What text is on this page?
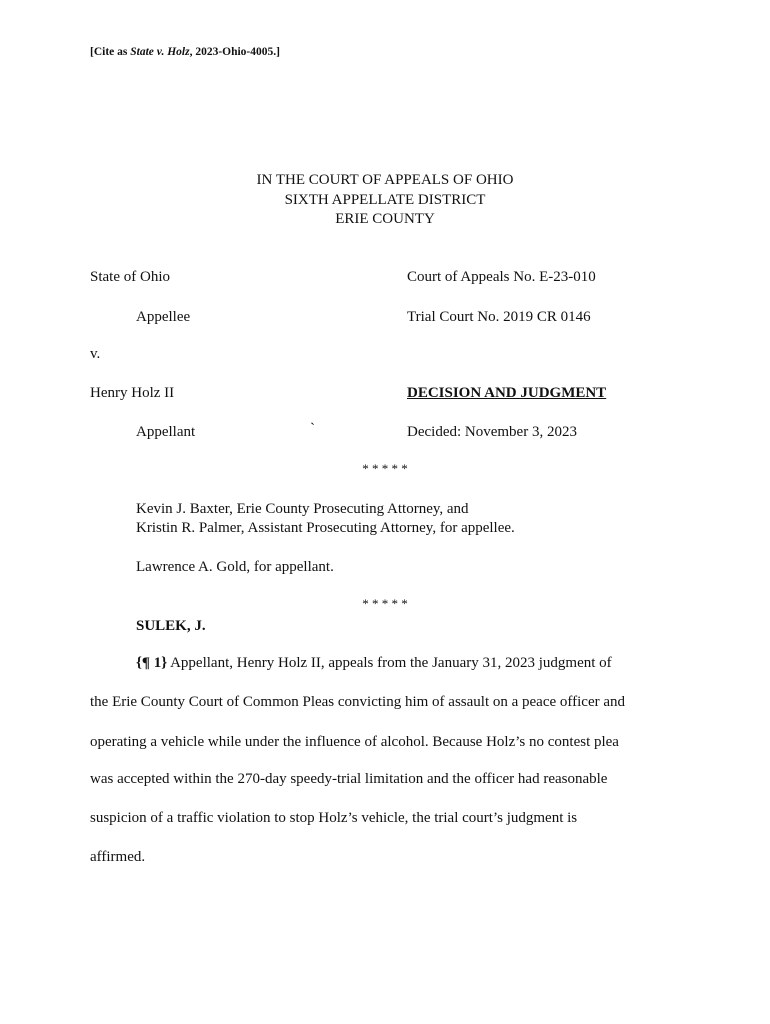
[Cite as State v. Holz, 2023-Ohio-4005.]
IN THE COURT OF APPEALS OF OHIO
SIXTH APPELLATE DISTRICT
ERIE COUNTY
State of Ohio
Appellee
v.
Henry Holz II
Appellant	`
Court of Appeals No. E-23-010
Trial Court No. 2019 CR 0146
DECISION AND JUDGMENT
Decided: November 3, 2023
* * * * *
Kevin J. Baxter, Erie County Prosecuting Attorney, and
Kristin R. Palmer, Assistant Prosecuting Attorney, for appellee.
Lawrence A. Gold, for appellant.
* * * * *
SULEK, J.
{¶ 1} Appellant, Henry Holz II, appeals from the January 31, 2023 judgment of
the Erie County Court of Common Pleas convicting him of assault on a peace officer and
operating a vehicle while under the influence of alcohol. Because Holz’s no contest plea
was accepted within the 270-day speedy-trial limitation and the officer had reasonable
suspicion of a traffic violation to stop Holz’s vehicle, the trial court’s judgment is
affirmed.
